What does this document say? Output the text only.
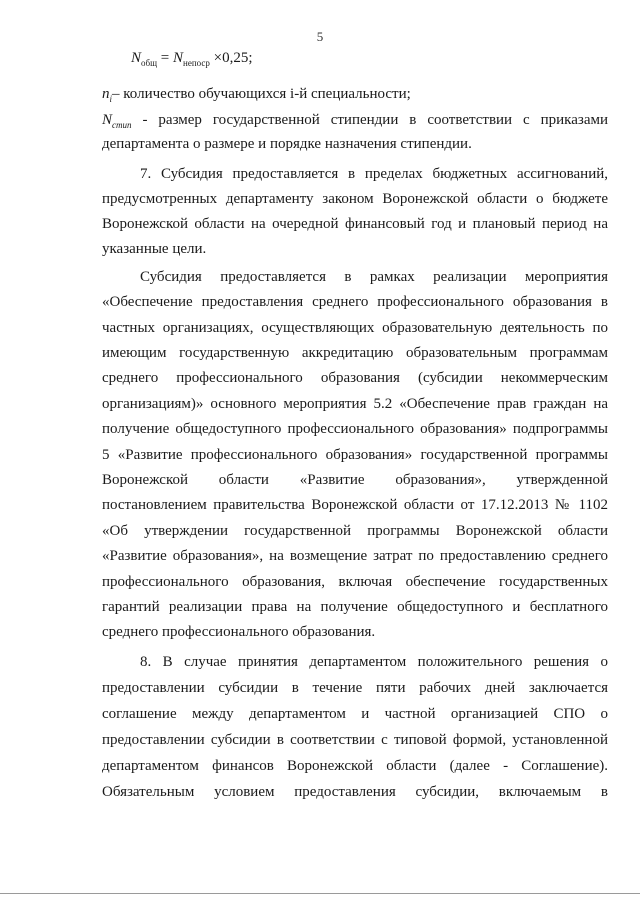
5
$N_{общ} = N_{непоср} \times 0,25$;
$n_i-$ количество обучающихся i-й специальности;
$N_{стип}$ - размер государственной стипендии в соответствии с приказами
департамента о размере и порядке назначения стипендии.
7. Субсидия предоставляется в пределах бюджетных ассигнований,
предусмотренных департаменту законом Воронежской области о бюджете
Воронежской области на очередной финансовый год и плановый период на
указанные цели.
Субсидия предоставляется в рамках реализации мероприятия
«Обеспечение предоставления среднего профессионального образования в
частных организациях, осуществляющих образовательную деятельность по
имеющим государственную аккредитацию образовательным программам
среднего профессионального образования (субсидии некоммерческим
организациям)» основного мероприятия 5.2 «Обеспечение прав граждан на
получение общедоступного профессионального образования» подпрограммы
5 «Развитие профессионального образования» государственной программы
Воронежской области «Развитие образования», утвержденной
постановлением правительства Воронежской области от 17.12.2013 № 1102
«Об утверждении государственной программы Воронежской области
«Развитие образования», на возмещение затрат по предоставлению среднего
профессионального образования, включая обеспечение государственных
гарантий реализации права на получение общедоступного и бесплатного
среднего профессионального образования.
8. В случае принятия департаментом положительного решения о
предоставлении субсидии в течение пяти рабочих дней заключается
соглашение между департаментом и частной организацией СПО о
предоставлении субсидии в соответствии с типовой формой, установленной
департаментом финансов Воронежской области (далее - Соглашение).
Обязательным условием предоставления субсидии, включаемым в
